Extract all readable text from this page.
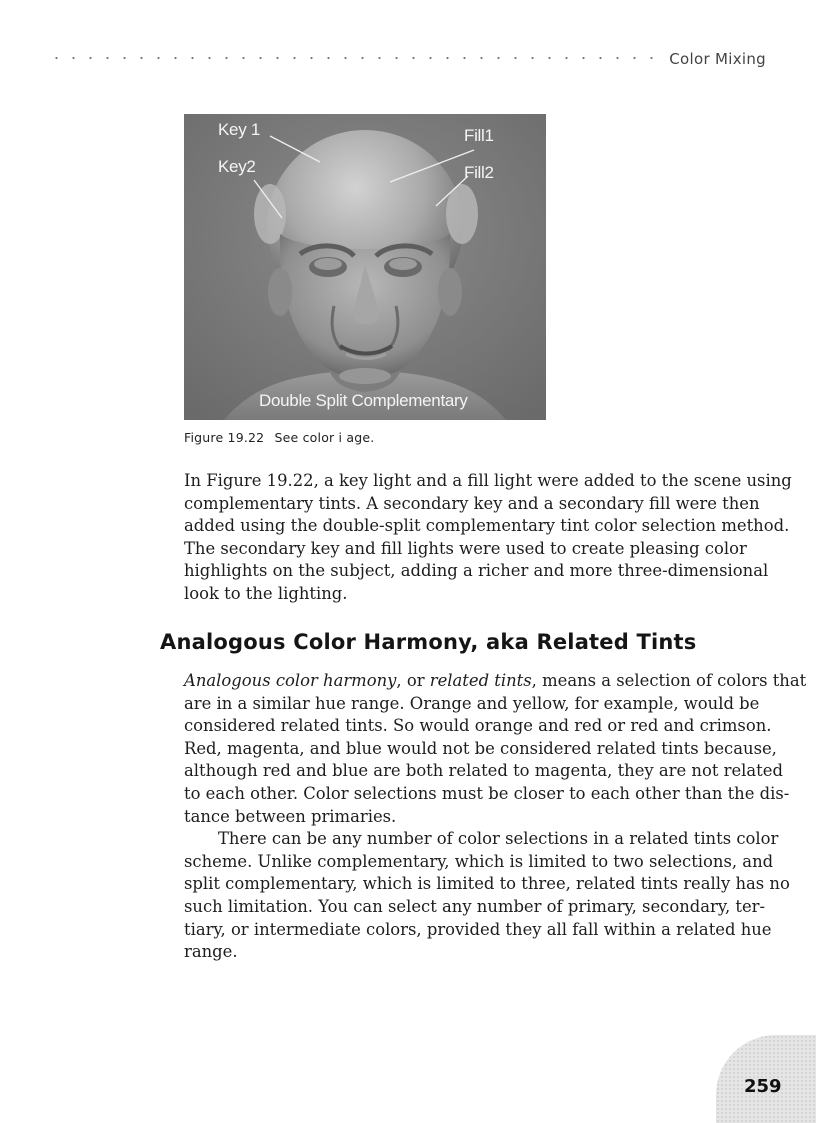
Color Mixing
Key 1
Key2
Fill1
Fill2
Double Split Complementary
Figure 19.22 See color i age.
In Figure 19.22, a key light and a fill light were added to the scene using
complementary tints. A secondary key and a secondary fill were then
added using the double-split complementary tint color selection method.
The secondary key and fill lights were used to create pleasing color
highlights on the subject, adding a richer and more three-dimensional
look to the lighting.
Analogous Color Harmony, aka Related Tints
Analogous color harmony, or related tints, means a selection of colors that
are in a similar hue range. Orange and yellow, for example, would be
considered related tints. So would orange and red or red and crimson.
Red, magenta, and blue would not be considered related tints because,
although red and blue are both related to magenta, they are not related
to each other. Color selections must be closer to each other than the dis-
tance between primaries.
There can be any number of color selections in a related tints color
scheme. Unlike complementary, which is limited to two selections, and
split complementary, which is limited to three, related tints really has no
such limitation. You can select any number of primary, secondary, ter-
tiary, or intermediate colors, provided they all fall within a related hue
range.
259
